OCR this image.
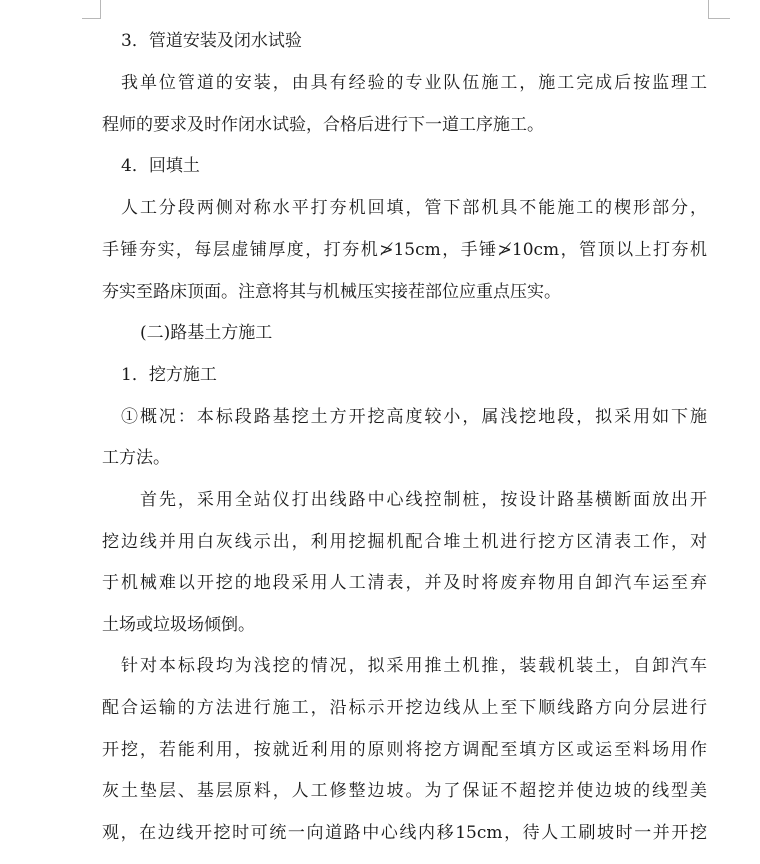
3．管道安装及闭水试验
我单位管道的安装，由具有经验的专业队伍施工，施工完成后按监理工
程师的要求及时作闭水试验，合格后进行下一道工序施工。
4．回填土
人工分段两侧对称水平打夯机回填，管下部机具不能施工的楔形部分，
手锤夯实，每层虚铺厚度，打夯机≯15cm，手锤≯10cm，管顶以上打夯机
夯实至路床顶面。注意将其与机械压实接茬部位应重点压实。
(二)路基土方施工
1．挖方施工
①概况：本标段路基挖土方开挖高度较小，属浅挖地段，拟采用如下施
工方法。
首先，采用全站仪打出线路中心线控制桩，按设计路基横断面放出开
挖边线并用白灰线示出，利用挖掘机配合堆土机进行挖方区清表工作，对
于机械难以开挖的地段采用人工清表，并及时将废弃物用自卸汽车运至弃
土场或垃圾场倾倒。
针对本标段均为浅挖的情况，拟采用推土机推，装载机装土，自卸汽车
配合运输的方法进行施工，沿标示开挖边线从上至下顺线路方向分层进行
开挖，若能利用，按就近利用的原则将挖方调配至填方区或运至料场用作
灰土垫层、基层原料，人工修整边坡。为了保证不超挖并使边坡的线型美
观，在边线开挖时可统一向道路中心线内移15cm，待人工刷坡时一并开挖
